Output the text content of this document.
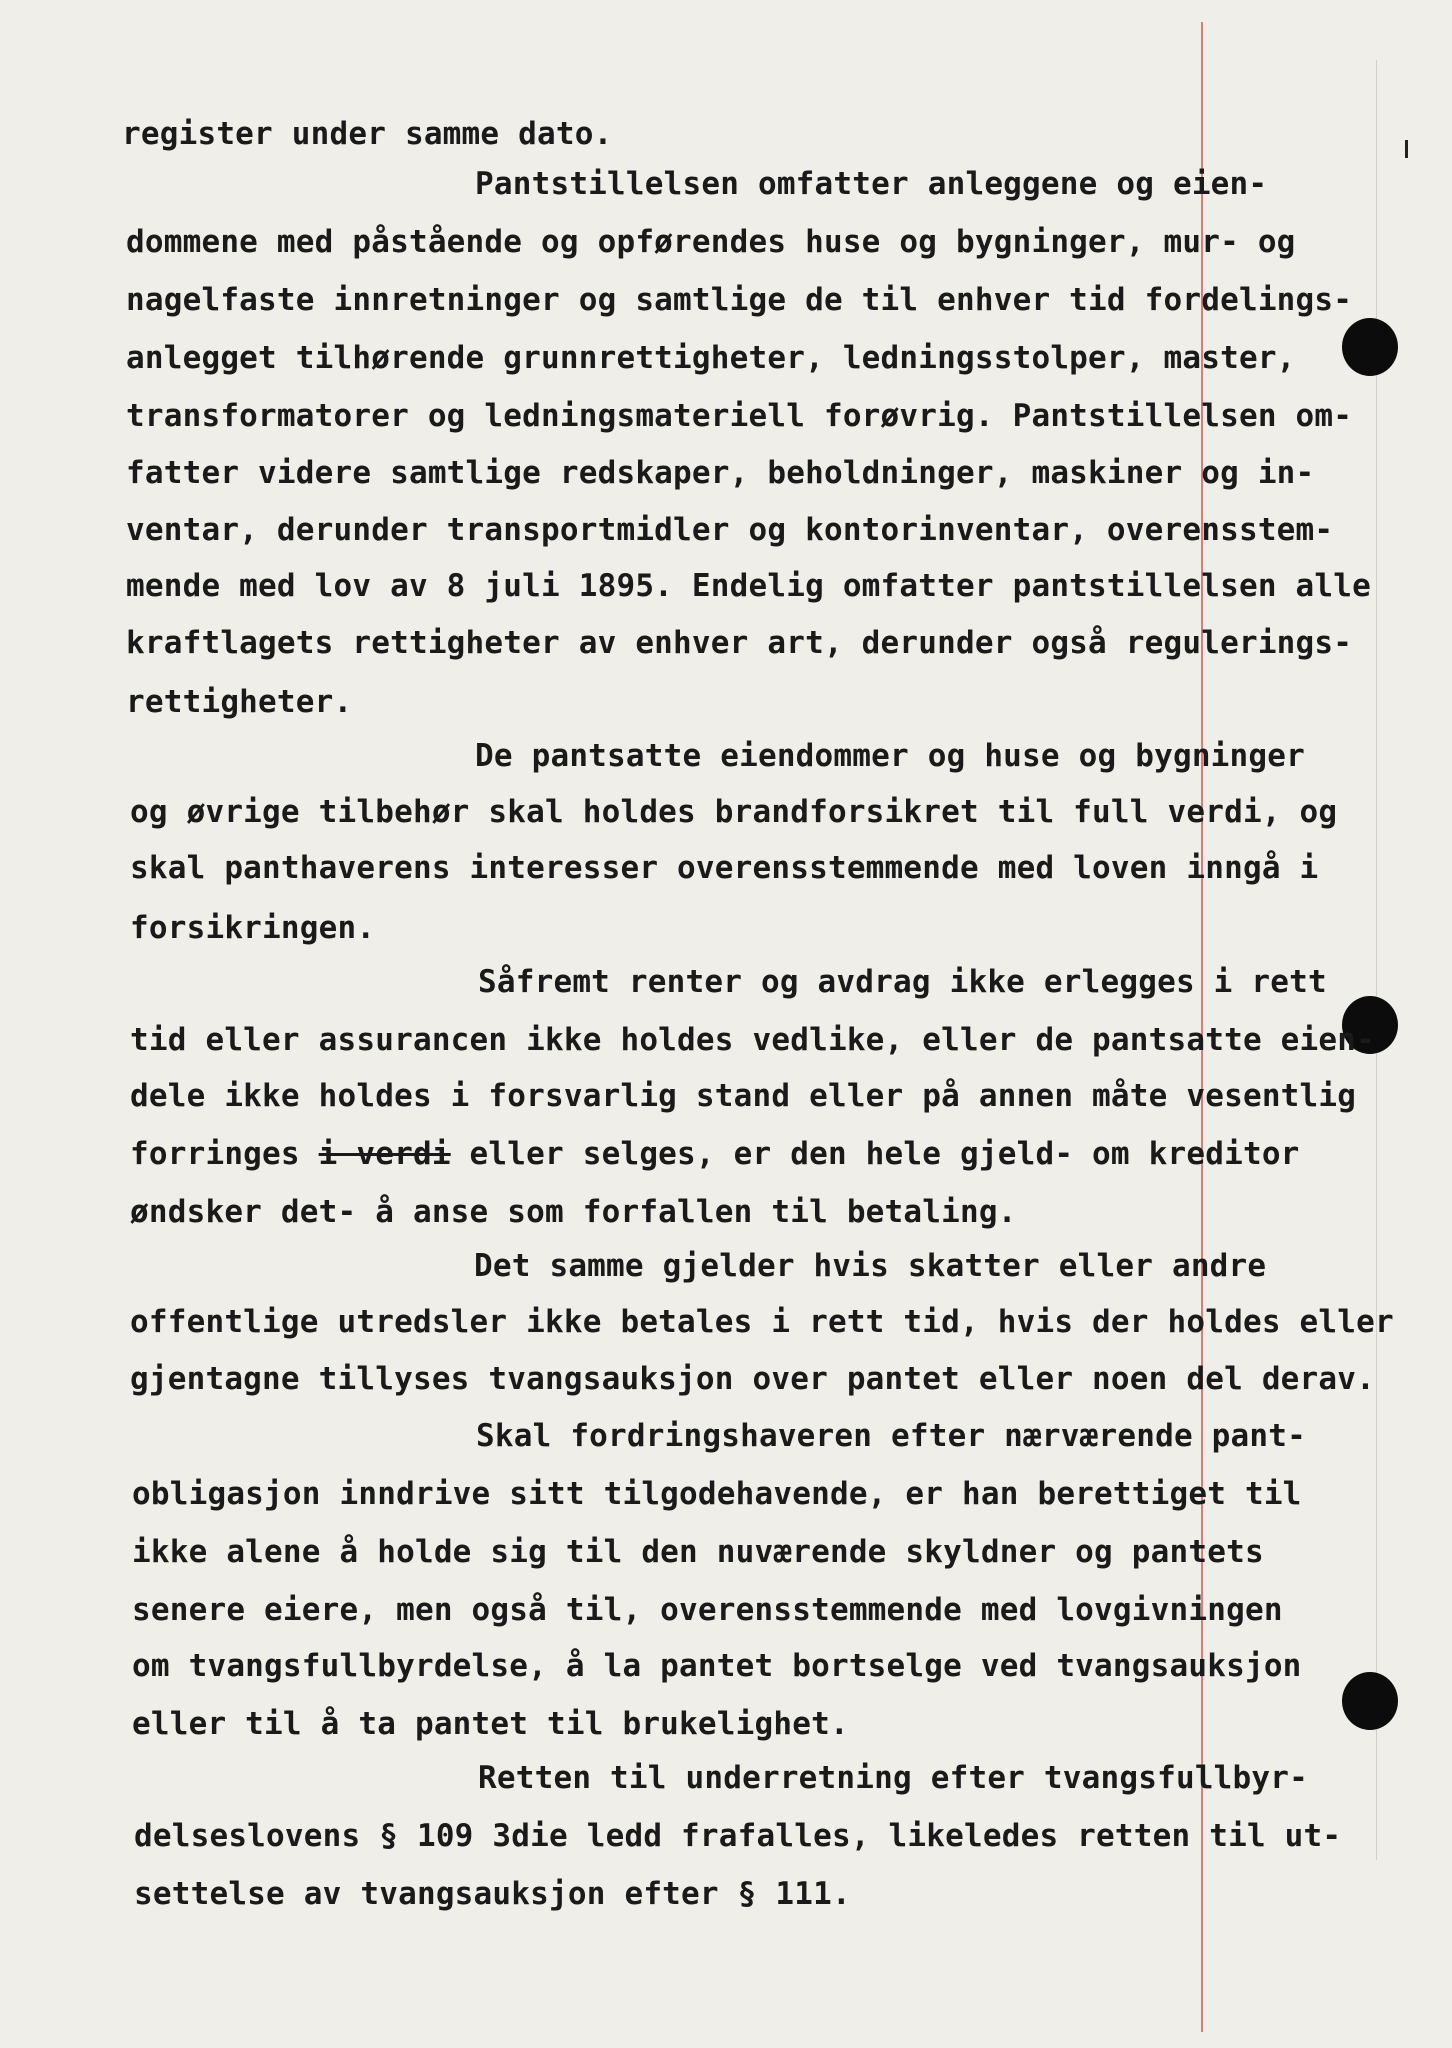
register under samme dato.
Pantstillelsen omfatter anleggene og eien-
dommene med påstående og opførendes huse og bygninger, mur- og
nagelfaste innretninger og samtlige de til enhver tid fordelings-
anlegget tilhørende grunnrettigheter, ledningsstolper, master,
transformatorer og ledningsmateriell forøvrig. Pantstillelsen om-
fatter videre samtlige redskaper, beholdninger, maskiner og in-
ventar, derunder transportmidler og kontorinventar, overensstem-
mende med lov av 8 juli 1895. Endelig omfatter pantstillelsen alle
kraftlagets rettigheter av enhver art, derunder også regulerings-
rettigheter.
De pantsatte eiendommer og huse og bygninger
og øvrige tilbehør skal holdes brandforsikret til full verdi, og
skal panthaverens interesser overensstemmende med loven inngå i
forsikringen.
Såfremt renter og avdrag ikke erlegges i rett
tid eller assurancen ikke holdes vedlike, eller de pantsatte eien-
dele ikke holdes i forsvarlig stand eller på annen måte vesentlig
forringes i verdi eller selges, er den hele gjeld- om kreditor
øndsker det- å anse som forfallen til betaling.
Det samme gjelder hvis skatter eller andre
offentlige utredsler ikke betales i rett tid, hvis der holdes eller
gjentagne tillyses tvangsauksjon over pantet eller noen del derav.
Skal fordringshaveren efter nærværende pant-
obligasjon inndrive sitt tilgodehavende, er han berettiget til
ikke alene å holde sig til den nuværende skyldner og pantets
senere eiere, men også til, overensstemmende med lovgivningen
om tvangsfullbyrdelse, å la pantet bortselge ved tvangsauksjon
eller til å ta pantet til brukelighet.
Retten til underretning efter tvangsfullbyr-
delseslovens § 109 3die ledd frafalles, likeledes retten til ut-
settelse av tvangsauksjon efter § 111.
